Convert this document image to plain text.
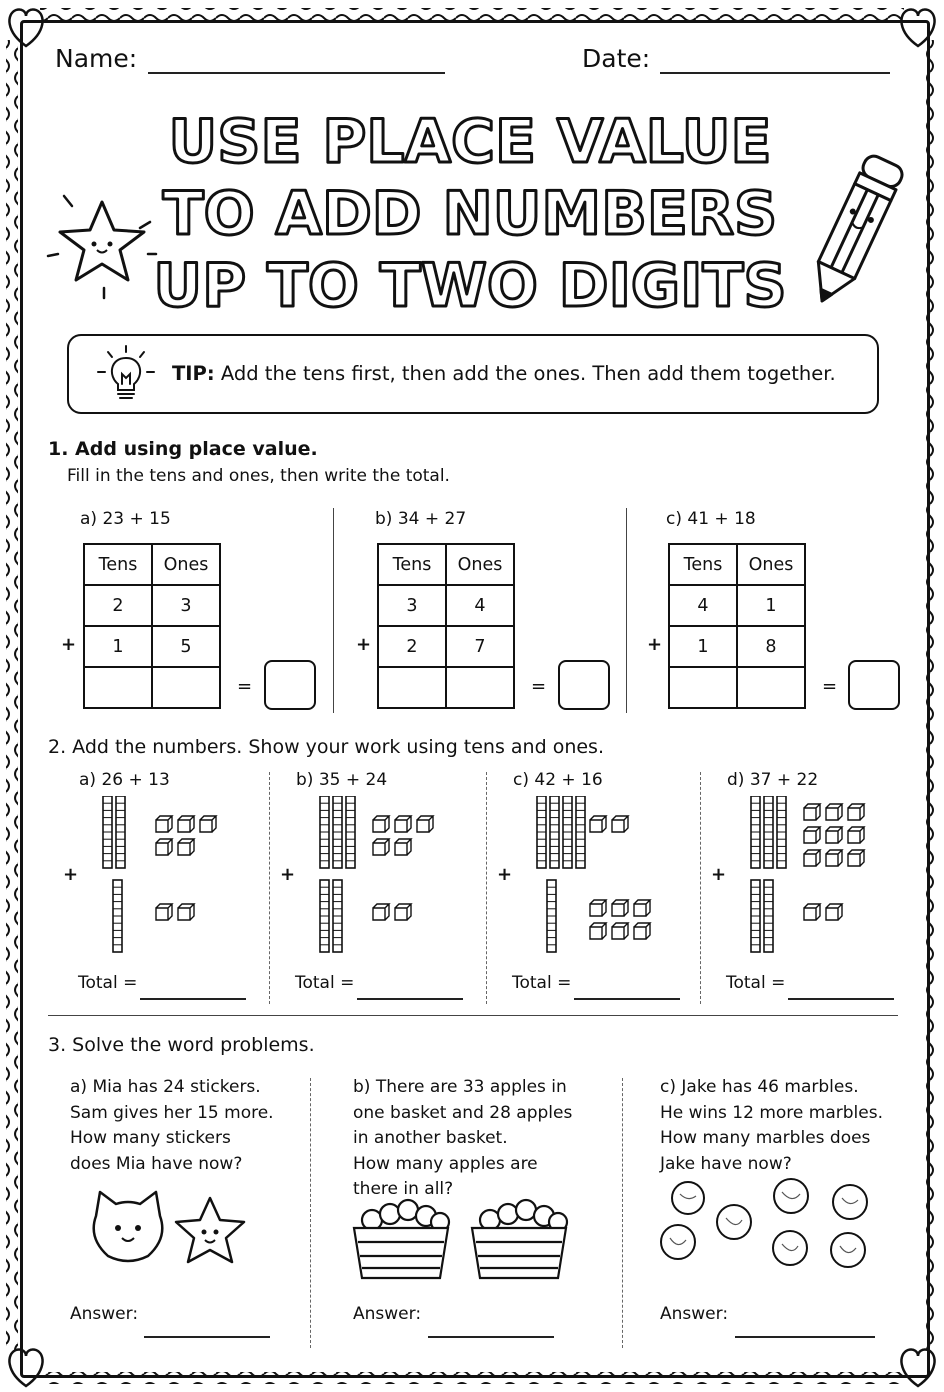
Name:	Date:
USE PLACE VALUE
TO ADD NUMBERS
UP TO TWO DIGITS
TIP: Add the tens first, then add the ones. Then add them together.
1. Add using place value.
Fill in the tens and ones, then write the total.
a) 23 + 15
Tens	Ones
2	3
1	5

+
=
b) 34 + 27
Tens	Ones
3	4
2	7

+
=
c) 41 + 18
Tens	Ones
4	1
1	8

+
=
2. Add the numbers. Show your work using tens and ones.
a) 26 + 13
+
Total =
b) 35 + 24
+
Total =
c) 42 + 16
+
Total =
d) 37 + 22
+
Total =
3. Solve the word problems.
a) Mia has 24 stickers.
Sam gives her 15 more.
How many stickers
does Mia have now?
b) There are 33 apples in
one basket and 28 apples
in another basket.
How many apples are
there in all?
c) Jake has 46 marbles.
He wins 12 more marbles.
How many marbles does
Jake have now?
Answer:	Answer:	Answer:
